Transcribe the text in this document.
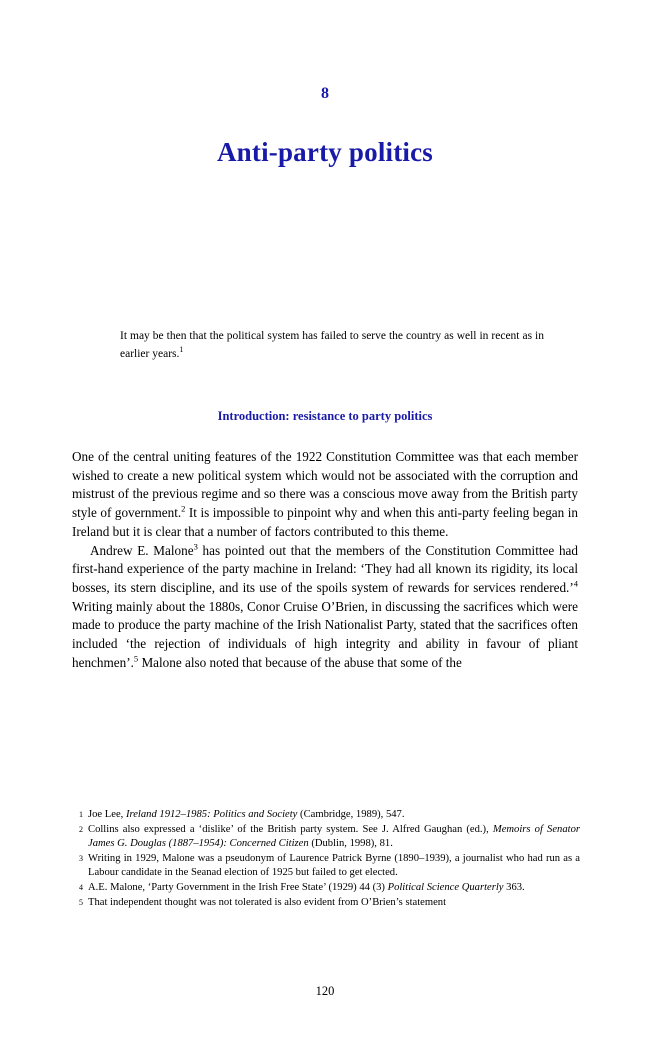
8
Anti-party politics
It may be then that the political system has failed to serve the country as well in recent as in earlier years.$^1$
Introduction: resistance to party politics

One of the central uniting features of the 1922 Constitution Committee was that each member wished to create a new political system which would not be associated with the corruption and mistrust of the previous regime and so there was a conscious move away from the British party style of government.$^2$ It is impossible to pinpoint why and when this anti-party feeling began in Ireland but it is clear that a number of factors contributed to this theme.

Andrew E. Malone$^3$ has pointed out that the members of the Constitution Committee had first-hand experience of the party machine in Ireland: ‘They had all known its rigidity, its local bosses, its stern discipline, and its use of the spoils system of rewards for services rendered.’$^4$ Writing mainly about the 1880s, Conor Cruise O’Brien, in discussing the sacrifices which were made to produce the party machine of the Irish Nationalist Party, stated that the sacrifices often included ‘the rejection of individuals of high integrity and ability in favour of pliant henchmen’.$^5$ Malone also noted that because of the abuse that some of the

1 Joe Lee, Ireland 1912–1985: Politics and Society (Cambridge, 1989), 547.
2 Collins also expressed a ‘dislike’ of the British party system. See J. Alfred Gaughan (ed.), Memoirs of Senator James G. Douglas (1887–1954): Concerned Citizen (Dublin, 1998), 81.
3 Writing in 1929, Malone was a pseudonym of Laurence Patrick Byrne (1890–1939), a journalist who had run as a Labour candidate in the Seanad election of 1925 but failed to get elected.
4 A.E. Malone, ‘Party Government in the Irish Free State’ (1929) 44 (3) Political Science Quarterly 363.
5 That independent thought was not tolerated is also evident from O’Brien’s statement
120
